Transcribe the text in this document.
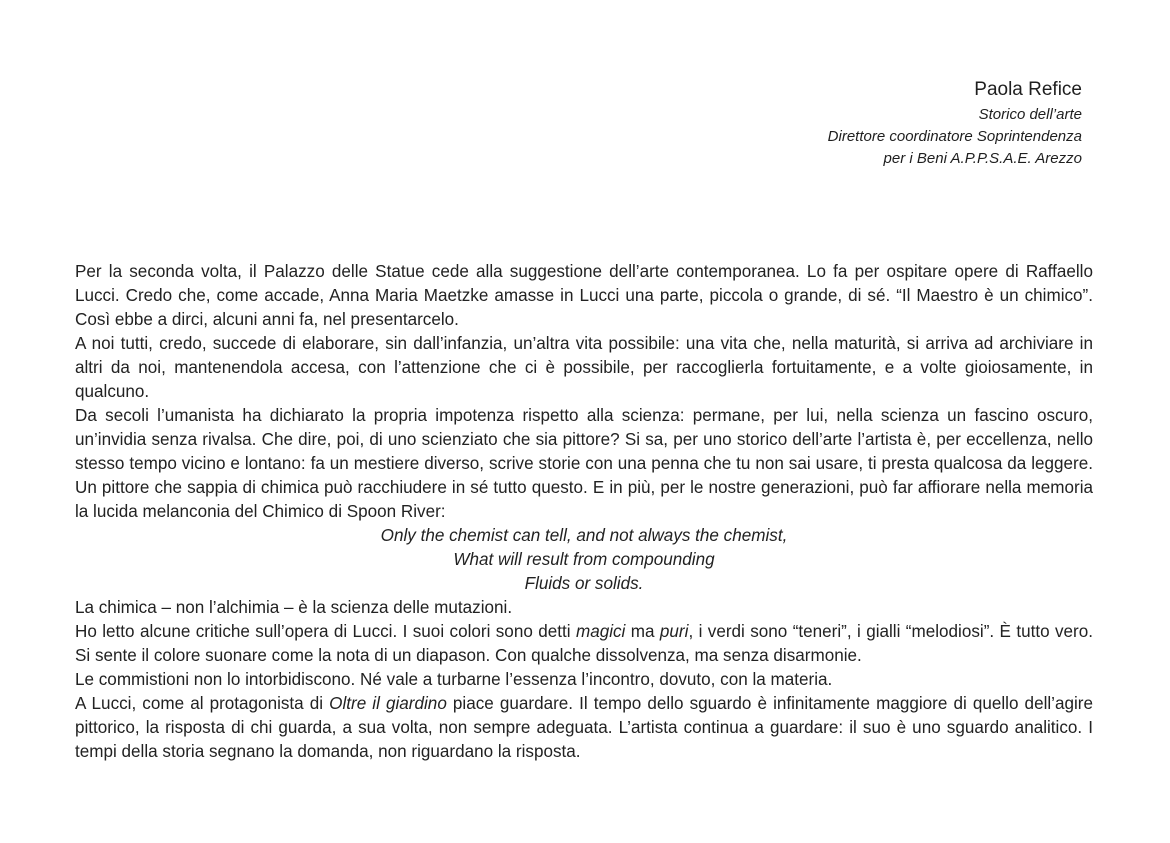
Paola Refice
Storico dell’arte
Direttore coordinatore Soprintendenza
per i Beni A.P.P.S.A.E. Arezzo

Per la seconda volta, il Palazzo delle Statue cede alla suggestione dell’arte contemporanea. Lo fa per ospitare opere di Raffaello Lucci. Credo che, come accade, Anna Maria Maetzke amasse in Lucci una parte, piccola o grande, di sé. “Il Maestro è un chimico”. Così ebbe a dirci, alcuni anni fa, nel presentarcelo.

A noi tutti, credo, succede di elaborare, sin dall’infanzia, un’altra vita possibile: una vita che, nella maturità, si arriva ad archiviare in altri da noi, mantenendola accesa, con l’attenzione che ci è possibile, per raccoglierla fortuitamente, e a volte gioiosamente, in qualcuno.

Da secoli l’umanista ha dichiarato la propria impotenza rispetto alla scienza: permane, per lui, nella scienza un fascino oscuro, un’invidia senza rivalsa. Che dire, poi, di uno scienziato che sia pittore? Si sa, per uno storico dell’arte l’artista è, per eccellenza, nello stesso tempo vicino e lontano: fa un mestiere diverso, scrive storie con una penna che tu non sai usare, ti presta qualcosa da leggere. Un pittore che sappia di chimica può racchiudere in sé tutto questo. E in più, per le nostre generazioni, può far affiorare nella memoria la lucida melanconia del Chimico di Spoon River:

Only the chemist can tell, and not always the chemist,
What will result from compounding
Fluids or solids.

La chimica – non l’alchimia – è la scienza delle mutazioni.

Ho letto alcune critiche sull’opera di Lucci. I suoi colori sono detti magici ma puri, i verdi sono “teneri”, i gialli “melodiosi”. È tutto vero. Si sente il colore suonare come la nota di un diapason. Con qualche dissolvenza, ma senza disarmonie.

Le commistioni non lo intorbidiscono. Né vale a turbarne l’essenza l’incontro, dovuto, con la materia.

A Lucci, come al protagonista di Oltre il giardino piace guardare. Il tempo dello sguardo è infinitamente maggiore di quello dell’agire pittorico, la risposta di chi guarda, a sua volta, non sempre adeguata. L’artista continua a guardare: il suo è uno sguardo analitico. I tempi della storia segnano la domanda, non riguardano la risposta.
